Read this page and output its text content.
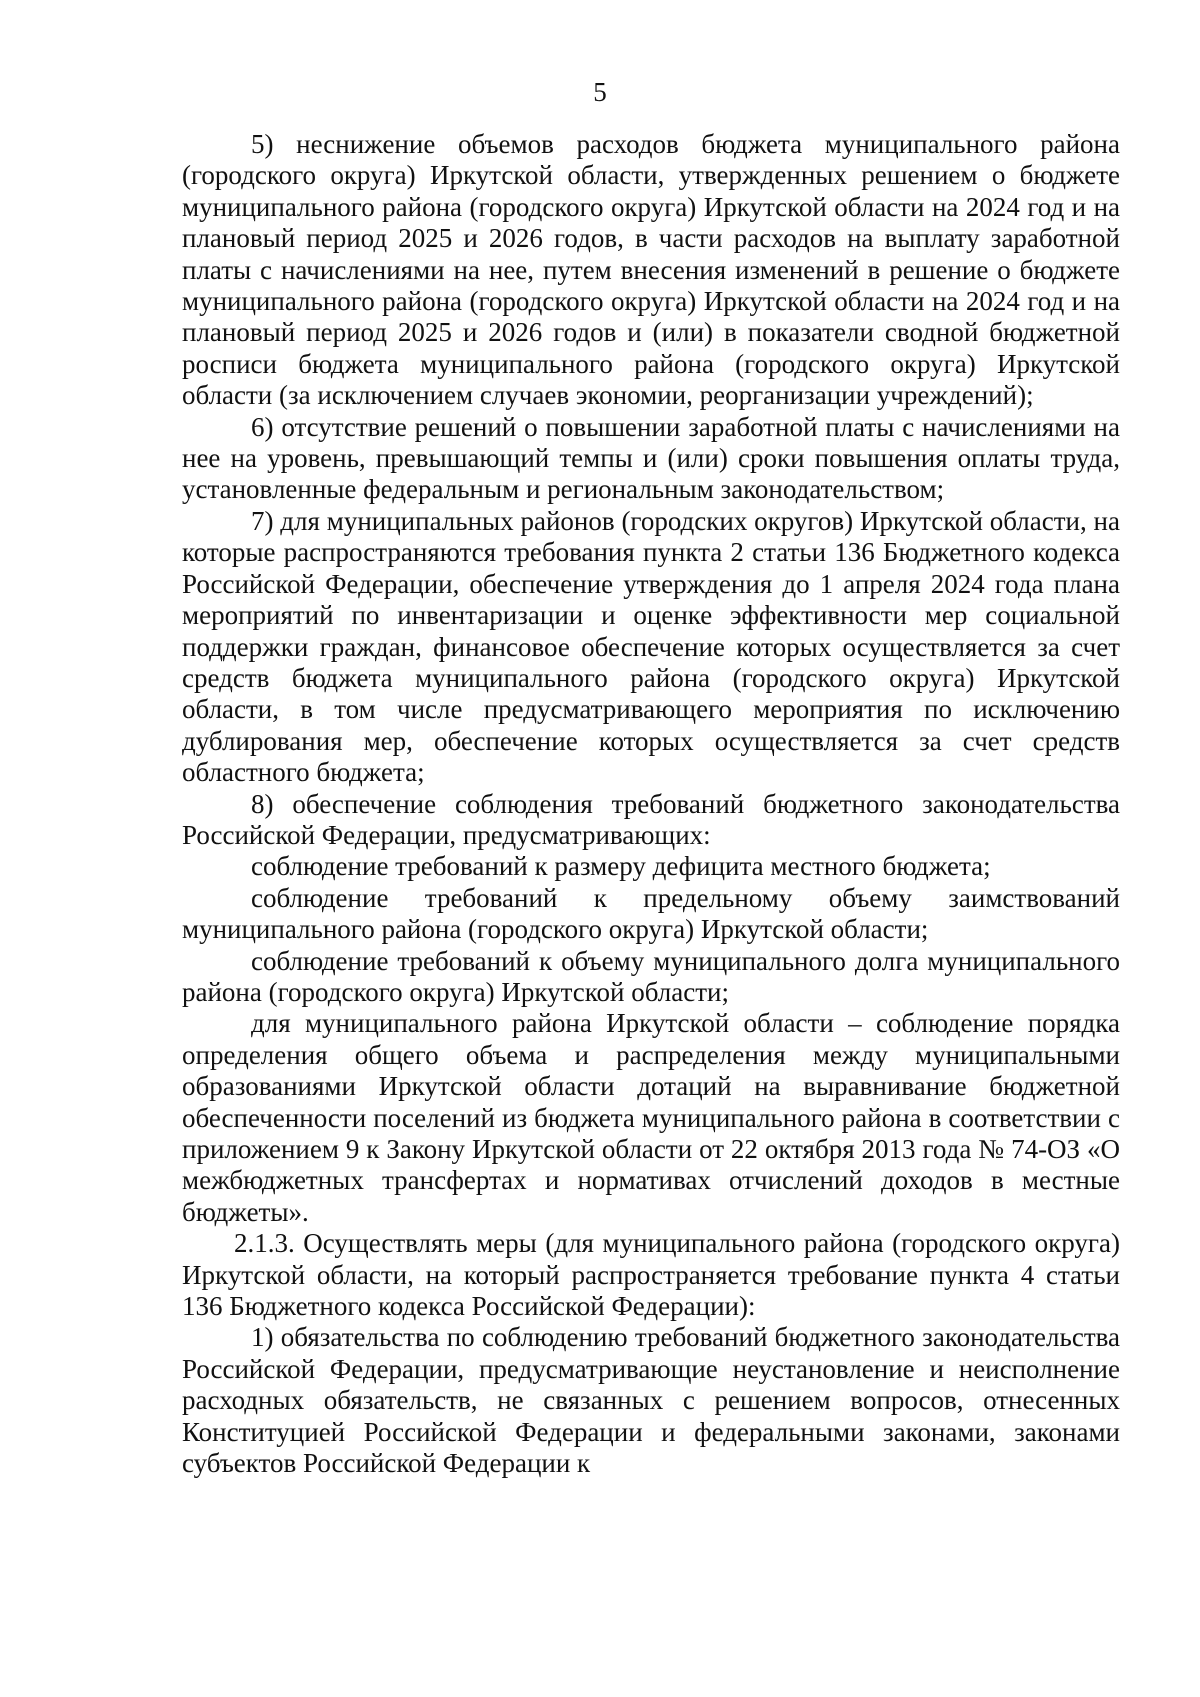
5

5) неснижение объемов расходов бюджета муниципального района (городского округа) Иркутской области, утвержденных решением о бюджете муниципального района (городского округа) Иркутской области на 2024 год и на плановый период 2025 и 2026 годов, в части расходов на выплату заработной платы с начислениями на нее, путем внесения изменений в решение о бюджете муниципального района (городского округа) Иркутской области на 2024 год и на плановый период 2025 и 2026 годов и (или) в показатели сводной бюджетной росписи бюджета муниципального района (городского округа) Иркутской области (за исключением случаев экономии, реорганизации учреждений);

6) отсутствие решений о повышении заработной платы с начислениями на нее на уровень, превышающий темпы и (или) сроки повышения оплаты труда, установленные федеральным и региональным законодательством;

7) для муниципальных районов (городских округов) Иркутской области, на которые распространяются требования пункта 2 статьи 136 Бюджетного кодекса Российской Федерации, обеспечение утверждения до 1 апреля 2024 года плана мероприятий по инвентаризации и оценке эффективности мер социальной поддержки граждан, финансовое обеспечение которых осуществляется за счет средств бюджета муниципального района (городского округа) Иркутской области, в том числе предусматривающего мероприятия по исключению дублирования мер, обеспечение которых осуществляется за счет средств областного бюджета;

8) обеспечение соблюдения требований бюджетного законодательства Российской Федерации, предусматривающих:

соблюдение требований к размеру дефицита местного бюджета;

соблюдение требований к предельному объему заимствований муниципального района (городского округа) Иркутской области;

соблюдение требований к объему муниципального долга муниципального района (городского округа) Иркутской области;

для муниципального района Иркутской области – соблюдение порядка определения общего объема и распределения между муниципальными образованиями Иркутской области дотаций на выравнивание бюджетной обеспеченности поселений из бюджета муниципального района в соответствии с приложением 9 к Закону Иркутской области от 22 октября 2013 года № 74-ОЗ «О межбюджетных трансфертах и нормативах отчислений доходов в местные бюджеты».

2.1.3. Осуществлять меры (для муниципального района (городского округа) Иркутской области, на который распространяется требование пункта 4 статьи 136 Бюджетного кодекса Российской Федерации):

1) обязательства по соблюдению требований бюджетного законодательства Российской Федерации, предусматривающие неустановление и неисполнение расходных обязательств, не связанных с решением вопросов, отнесенных Конституцией Российской Федерации и федеральными законами, законами субъектов Российской Федерации к
